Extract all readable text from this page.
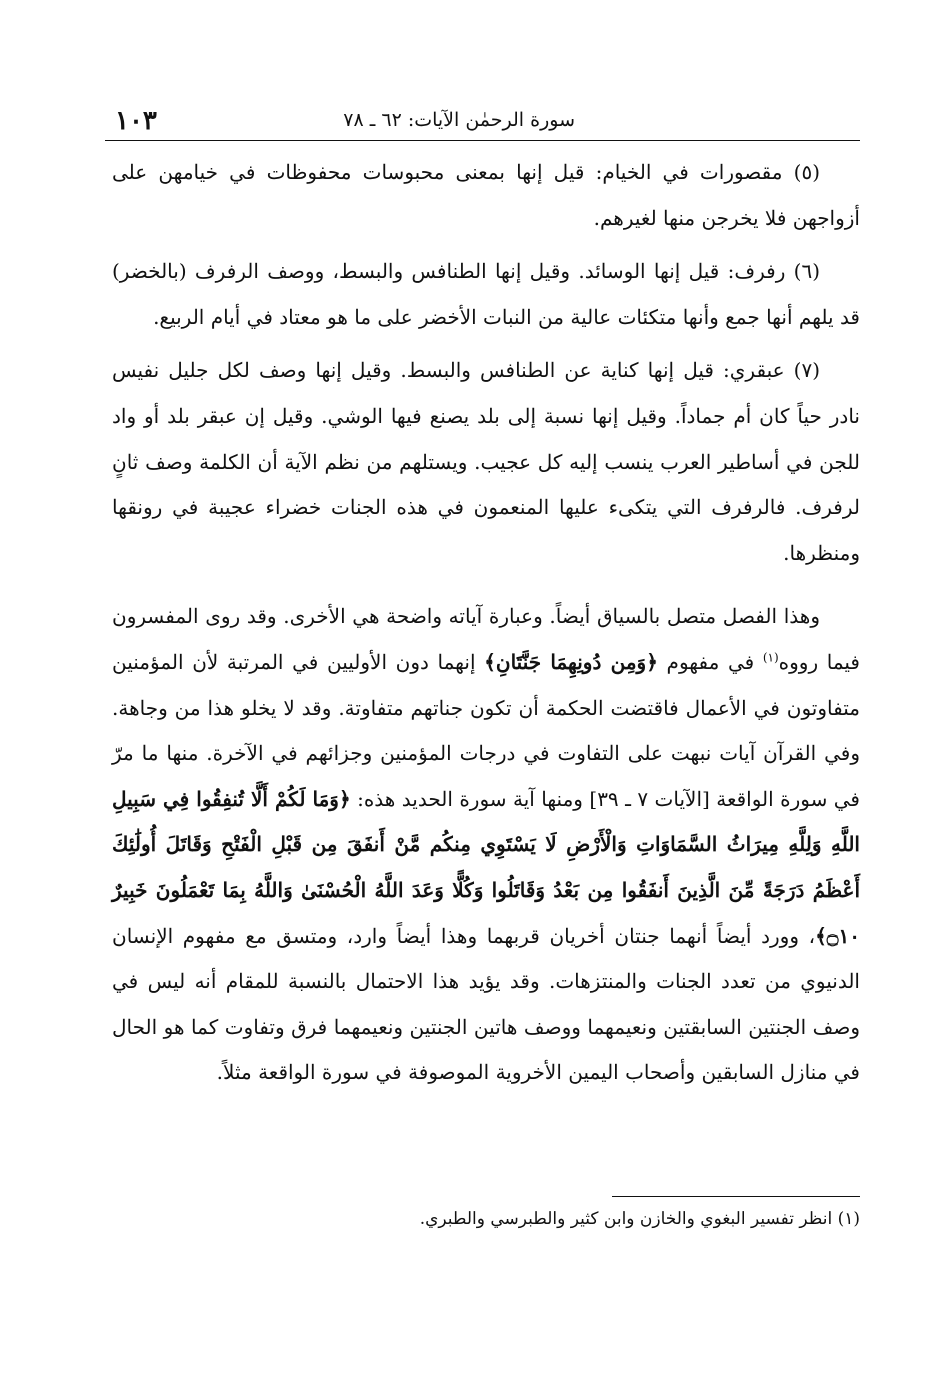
١٠٣	سورة الرحمٰن الآيات: ٦٢ ـ ٧٨

(٥) مقصورات في الخيام: قيل إنها بمعنى محبوسات محفوظات في خيامهن على أزواجهن فلا يخرجن منها لغيرهم.

(٦) رفرف: قيل إنها الوسائد. وقيل إنها الطنافس والبسط، ووصف الرفرف (بالخضر) قد يلهم أنها جمع وأنها متكئات عالية من النبات الأخضر على ما هو معتاد في أيام الربيع.

(٧) عبقري: قيل إنها كناية عن الطنافس والبسط. وقيل إنها وصف لكل جليل نفيس نادر حياً كان أم جماداً. وقيل إنها نسبة إلى بلد يصنع فيها الوشي. وقيل إن عبقر بلد أو واد للجن في أساطير العرب ينسب إليه كل عجيب. ويستلهم من نظم الآية أن الكلمة وصف ثانٍ لرفرف. فالرفرف التي يتكىء عليها المنعمون في هذه الجنات خضراء عجيبة في رونقها ومنظرها.

وهذا الفصل متصل بالسياق أيضاً. وعبارة آياته واضحة هي الأخرى. وقد روى المفسرون فيما رووه$^{(١)}$ في مفهوم ﴿وَمِن دُونِهِمَا جَنَّتَانِ﴾ إنهما دون الأوليين في المرتبة لأن المؤمنين متفاوتون في الأعمال فاقتضت الحكمة أن تكون جناتهم متفاوتة. وقد لا يخلو هذا من وجاهة. وفي القرآن آيات نبهت على التفاوت في درجات المؤمنين وجزائهم في الآخرة. منها ما مرّ في سورة الواقعة [الآيات ٧ ـ ٣٩] ومنها آية سورة الحديد هذه: ﴿وَمَا لَكُمْ أَلَّا تُنفِقُوا فِي سَبِيلِ اللَّهِ وَلِلَّهِ مِيرَاثُ السَّمَاوَاتِ وَالْأَرْضِ لَا يَسْتَوِي مِنكُم مَّنْ أَنفَقَ مِن قَبْلِ الْفَتْحِ وَقَاتَلَ أُولَٰئِكَ أَعْظَمُ دَرَجَةً مِّنَ الَّذِينَ أَنفَقُوا مِن بَعْدُ وَقَاتَلُوا وَكُلًّا وَعَدَ اللَّهُ الْحُسْنَىٰ وَاللَّهُ بِمَا تَعْمَلُونَ خَبِيرٌ ۝١٠﴾، وورد أيضاً أنهما جنتان أخريان قربهما وهذا أيضاً وارد، ومتسق مع مفهوم الإنسان الدنيوي من تعدد الجنات والمنتزهات. وقد يؤيد هذا الاحتمال بالنسبة للمقام أنه ليس في وصف الجنتين السابقتين ونعيمهما ووصف هاتين الجنتين ونعيمهما فرق وتفاوت كما هو الحال في منازل السابقين وأصحاب اليمين الأخروية الموصوفة في سورة الواقعة مثلاً.

(١) انظر تفسير البغوي والخازن وابن كثير والطبرسي والطبري.
